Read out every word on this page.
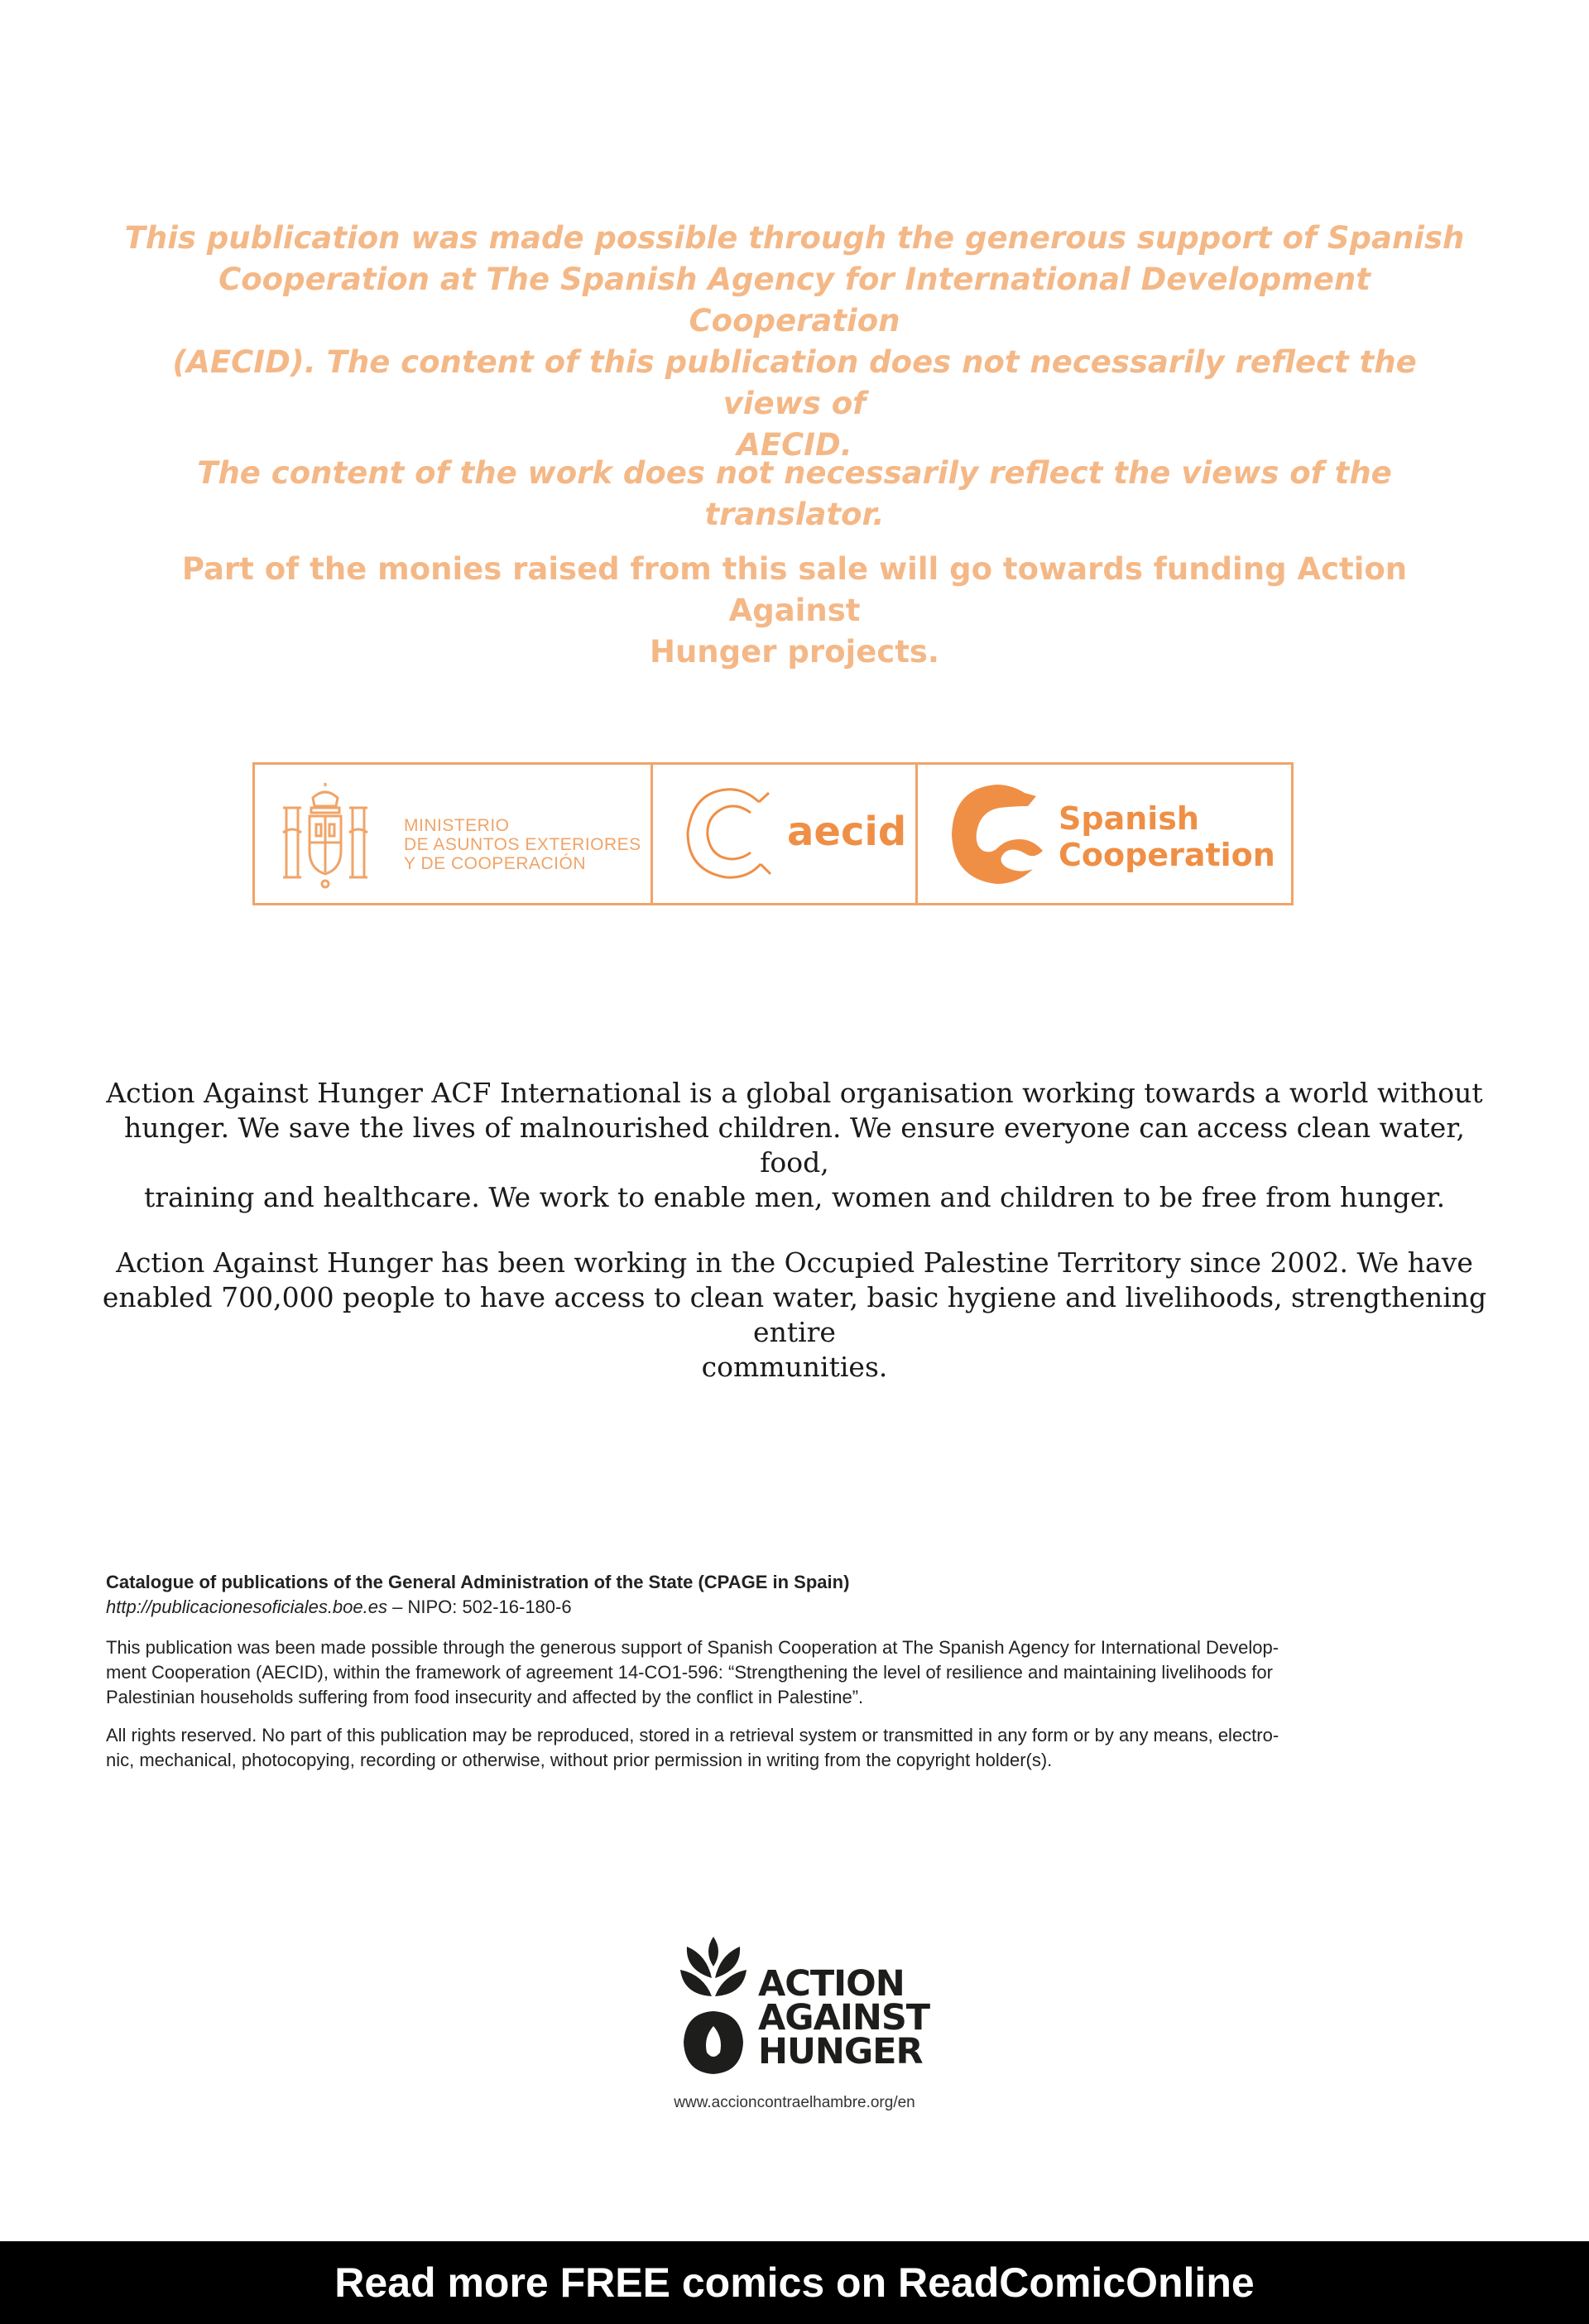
This publication was made possible through the generous support of Spanish
Cooperation at The Spanish Agency for International Development Cooperation
(AECID). The content of this publication does not necessarily reflect the views of
AECID.
The content of the work does not necessarily reflect the views of the translator.
Part of the monies raised from this sale will go towards funding Action Against
Hunger projects.
MINISTERIO
DE ASUNTOS EXTERIORES
Y DE COOPERACIÓN
aecid	Spanish
Cooperation
Action Against Hunger ACF International is a global organisation working towards a world without
hunger. We save the lives of malnourished children. We ensure everyone can access clean water, food,
training and healthcare. We work to enable men, women and children to be free from hunger.
Action Against Hunger has been working in the Occupied Palestine Territory since 2002. We have
enabled 700,000 people to have access to clean water, basic hygiene and livelihoods, strengthening entire
communities.

Catalogue of publications of the General Administration of the State (CPAGE in Spain)

http://publicacionesoficiales.boe.es – NIPO: 502-16-180-6

This publication was been made possible through the generous support of Spanish Cooperation at The Spanish Agency for International Develop-

ment Cooperation (AECID), within the framework of agreement 14-CO1-596: “Strengthening the level of resilience and maintaining livelihoods for

Palestinian households suffering from food insecurity and affected by the conflict in Palestine”.

All rights reserved. No part of this publication may be reproduced, stored in a retrieval system or transmitted in any form or by any means, electro-

nic, mechanical, photocopying, recording or otherwise, without prior permission in writing from the copyright holder(s).

ACTION
AGAINST
HUNGER
www.accioncontraelhambre.org/en
Read more FREE comics on ReadComicOnline
